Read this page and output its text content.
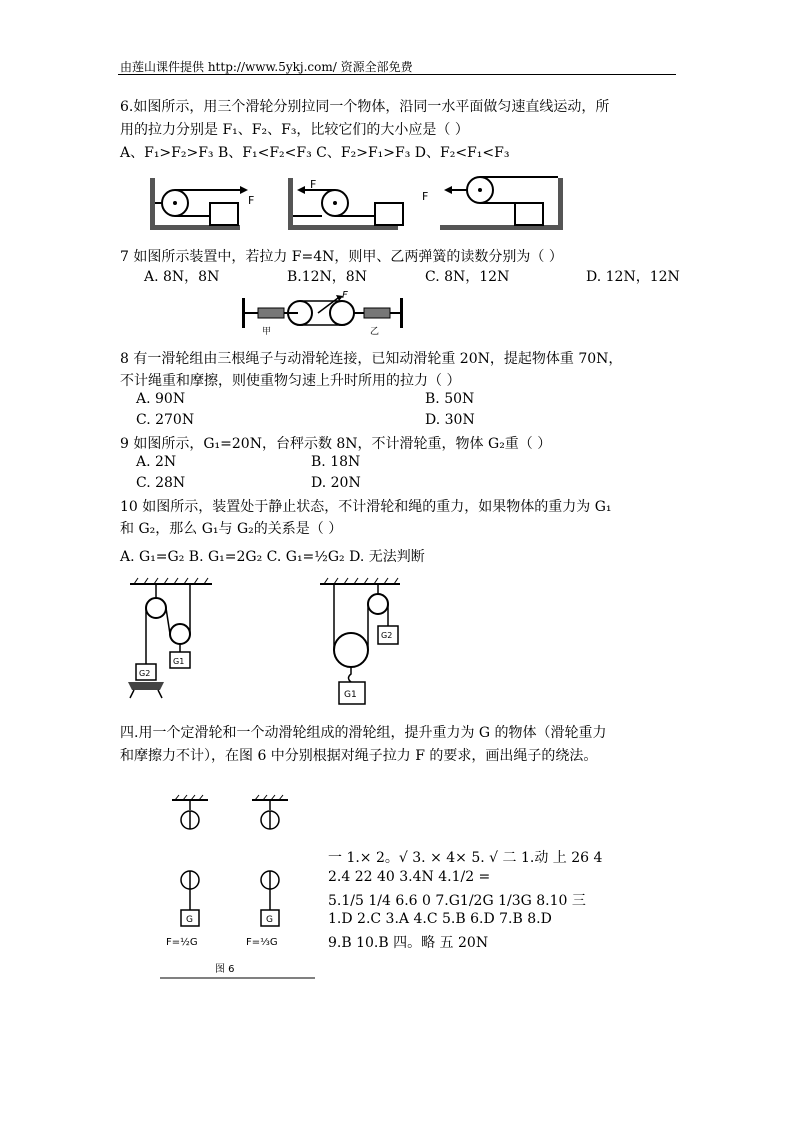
由莲山课件提供 http://www.5ykj.com/ 资源全部免费
6.如图所示，用三个滑轮分别拉同一个物体，沿同一水平面做匀速直线运动，所
用的拉力分别是 F₁、F₂、F₃，比较它们的大小应是（ ）
A、F₁>F₂>F₃ B、F₁<F₂<F₃ C、F₂>F₁>F₃ D、F₂<F₁<F₃
F
F
F
7 如图所示装置中，若拉力 F=4N，则甲、乙两弹簧的读数分别为（ ）
A. 8N，8N	B.12N，8N	C. 8N，12N	D. 12N，12N
F
甲	乙
8 有一滑轮组由三根绳子与动滑轮连接，已知动滑轮重 20N，提起物体重 70N，
不计绳重和摩擦，则使重物匀速上升时所用的拉力（ ）
A. 90N	B. 50N
C. 270N	D. 30N
9 如图所示，G₁=20N，台秤示数 8N，不计滑轮重，物体 G₂重（ ）
A. 2N	B. 18N
C. 28N	D. 20N
10 如图所示，装置处于静止状态，不计滑轮和绳的重力，如果物体的重力为 G₁
和 G₂，那么 G₁与 G₂的关系是（ ）
A. G₁=G₂ B. G₁=2G₂ C. G₁=½G₂ D. 无法判断
G1
G2
G2
G1
四.用一个定滑轮和一个动滑轮组成的滑轮组，提升重力为 G 的物体（滑轮重力
和摩擦力不计），在图 6 中分别根据对绳子拉力 F 的要求，画出绳子的绕法。
G
F=½G
G
F=⅓G
图 6
一 1.× 2。√ 3. × 4× 5. √ 二 1.动 上 26 4
2.4 22 40 3.4N 4.1/2 =
5.1/5 1/4 6.6 0 7.G1/2G 1/3G 8.10 三
1.D 2.C 3.A 4.C 5.B 6.D 7.B 8.D
9.B 10.B 四。略 五 20N
